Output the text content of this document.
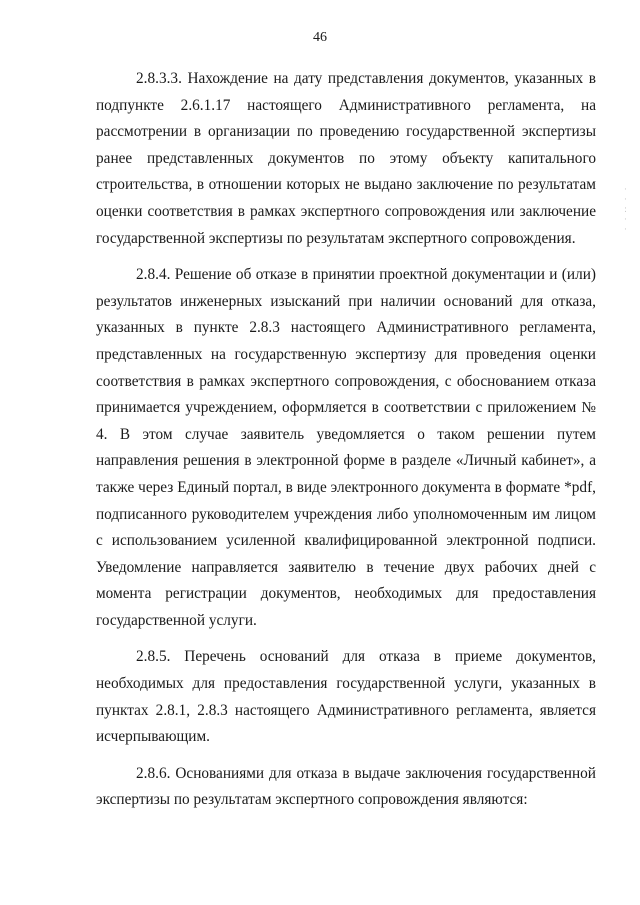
46

2.8.3.3. Нахождение на дату представления документов, указанных в подпункте 2.6.1.17 настоящего Административного регламента, на рассмотрении в организации по проведению государственной экспертизы ранее представленных документов по этому объекту капитального строительства, в отношении которых не выдано заключение по результатам оценки соответствия в рамках экспертного сопровождения или заключение государственной экспертизы по результатам экспертного сопровождения.

2.8.4. Решение об отказе в принятии проектной документации и (или) результатов инженерных изысканий при наличии оснований для отказа, указанных в пункте 2.8.3 настоящего Административного регламента, представленных на государственную экспертизу для проведения оценки соответствия в рамках экспертного сопровождения, с обоснованием отказа принимается учреждением, оформляется в соответствии с приложением № 4. В этом случае заявитель уведомляется о таком решении путем направления решения в электронной форме в разделе «Личный кабинет», а также через Единый портал, в виде электронного документа в формате *pdf, подписанного руководителем учреждения либо уполномоченным им лицом с использованием усиленной квалифицированной электронной подписи. Уведомление направляется заявителю в течение двух рабочих дней с момента регистрации документов, необходимых для предоставления государственной услуги.

2.8.5. Перечень оснований для отказа в приеме документов, необходимых для предоставления государственной услуги, указанных в пунктах 2.8.1, 2.8.3 настоящего Административного регламента, является исчерпывающим.

2.8.6. Основаниями для отказа в выдаче заключения государственной экспертизы по результатам экспертного сопровождения являются:

·
·
:
·
·
